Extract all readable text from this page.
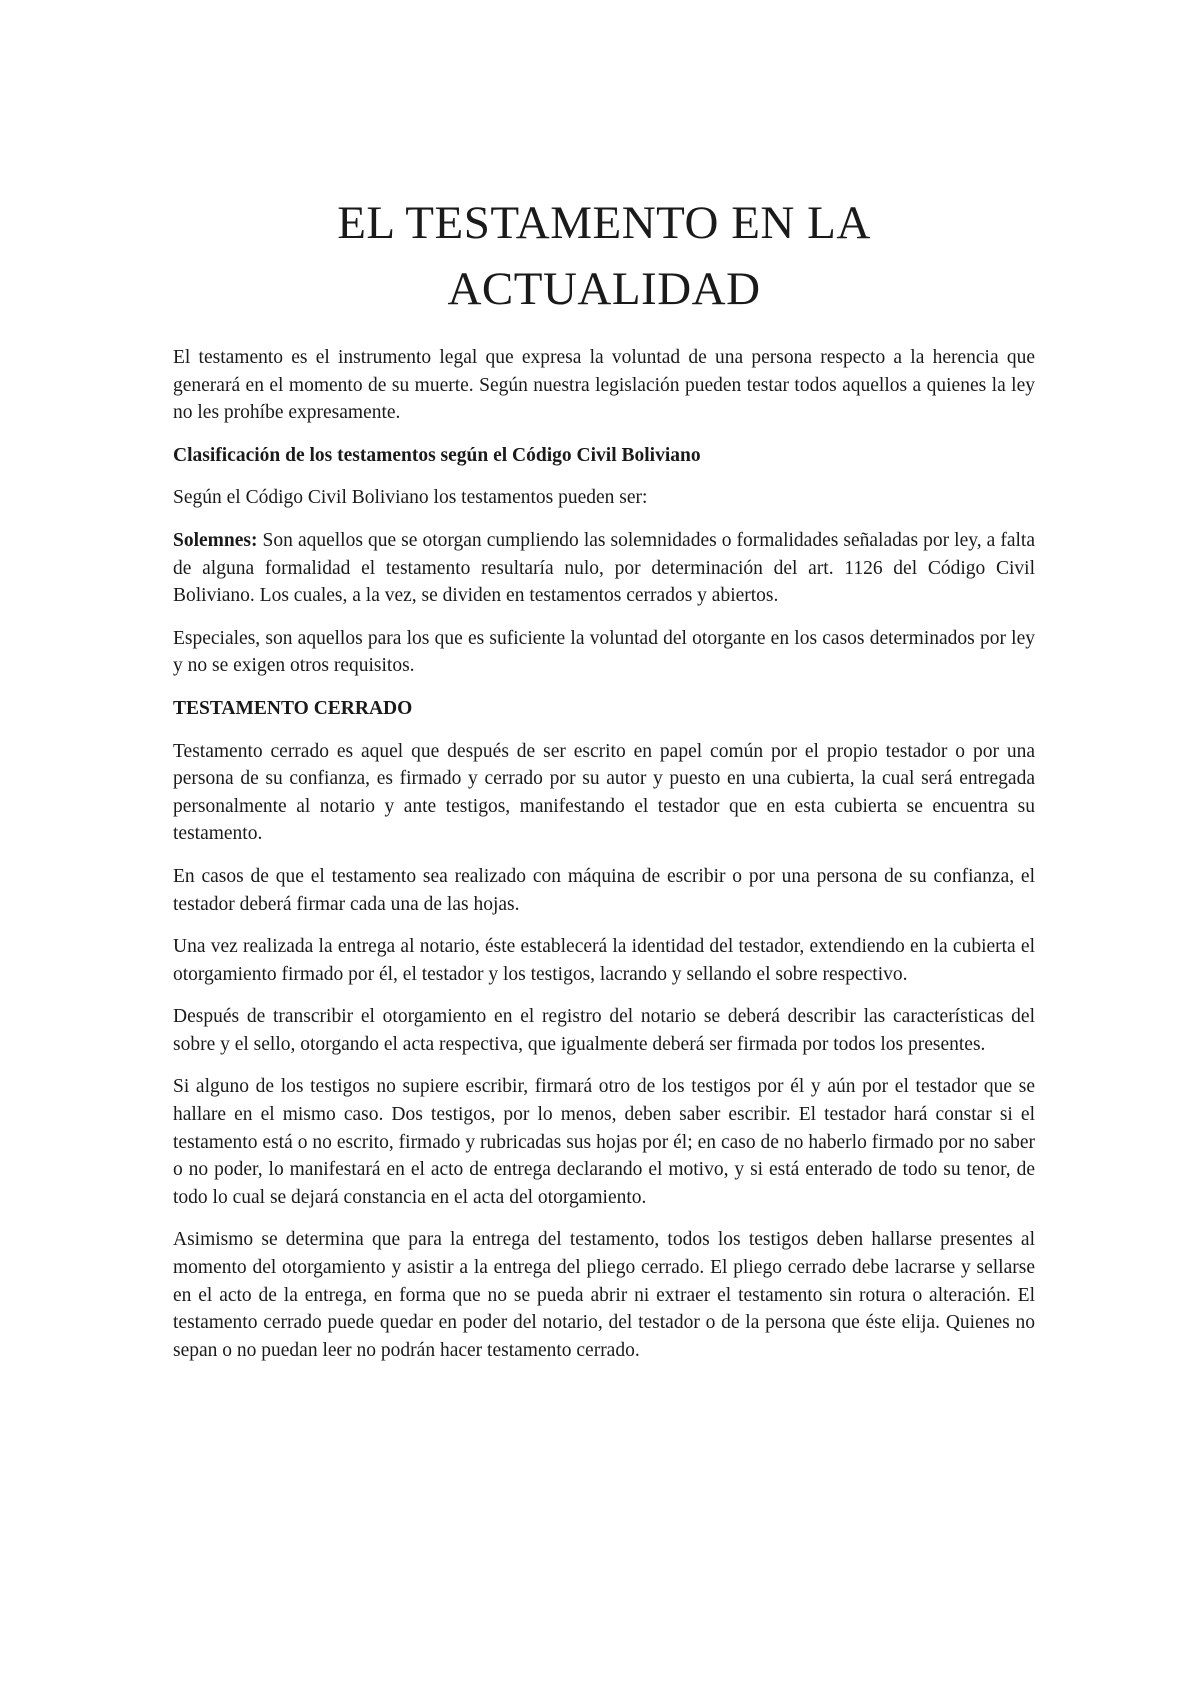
EL TESTAMENTO EN LA
ACTUALIDAD

El testamento es el instrumento legal que expresa la voluntad de una persona respecto a la herencia que generará en el momento de su muerte. Según nuestra legislación pueden testar todos aquellos a quienes la ley no les prohíbe expresamente.

Clasificación de los testamentos según el Código Civil Boliviano

Según el Código Civil Boliviano los testamentos pueden ser:

Solemnes: Son aquellos que se otorgan cumpliendo las solemnidades o formalidades señaladas por ley, a falta de alguna formalidad el testamento resultaría nulo, por determinación del art. 1126 del Código Civil Boliviano. Los cuales, a la vez, se dividen en testamentos cerrados y abiertos.

Especiales, son aquellos para los que es suficiente la voluntad del otorgante en los casos determinados por ley y no se exigen otros requisitos.

TESTAMENTO CERRADO

Testamento cerrado es aquel que después de ser escrito en papel común por el propio testador o por una persona de su confianza, es firmado y cerrado por su autor y puesto en una cubierta, la cual será entregada personalmente al notario y ante testigos, manifestando el testador que en esta cubierta se encuentra su testamento.

En casos de que el testamento sea realizado con máquina de escribir o por una persona de su confianza, el testador deberá firmar cada una de las hojas.

Una vez realizada la entrega al notario, éste establecerá la identidad del testador, extendiendo en la cubierta el otorgamiento firmado por él, el testador y los testigos, lacrando y sellando el sobre respectivo.

Después de transcribir el otorgamiento en el registro del notario se deberá describir las características del sobre y el sello, otorgando el acta respectiva, que igualmente deberá ser firmada por todos los presentes.

Si alguno de los testigos no supiere escribir, firmará otro de los testigos por él y aún por el testador que se hallare en el mismo caso. Dos testigos, por lo menos, deben saber escribir. El testador hará constar si el testamento está o no escrito, firmado y rubricadas sus hojas por él; en caso de no haberlo firmado por no saber o no poder, lo manifestará en el acto de entrega declarando el motivo, y si está enterado de todo su tenor, de todo lo cual se dejará constancia en el acta del otorgamiento.

Asimismo se determina que para la entrega del testamento, todos los testigos deben hallarse presentes al momento del otorgamiento y asistir a la entrega del pliego cerrado. El pliego cerrado debe lacrarse y sellarse en el acto de la entrega, en forma que no se pueda abrir ni extraer el testamento sin rotura o alteración. El testamento cerrado puede quedar en poder del notario, del testador o de la persona que éste elija. Quienes no sepan o no puedan leer no podrán hacer testamento cerrado.
